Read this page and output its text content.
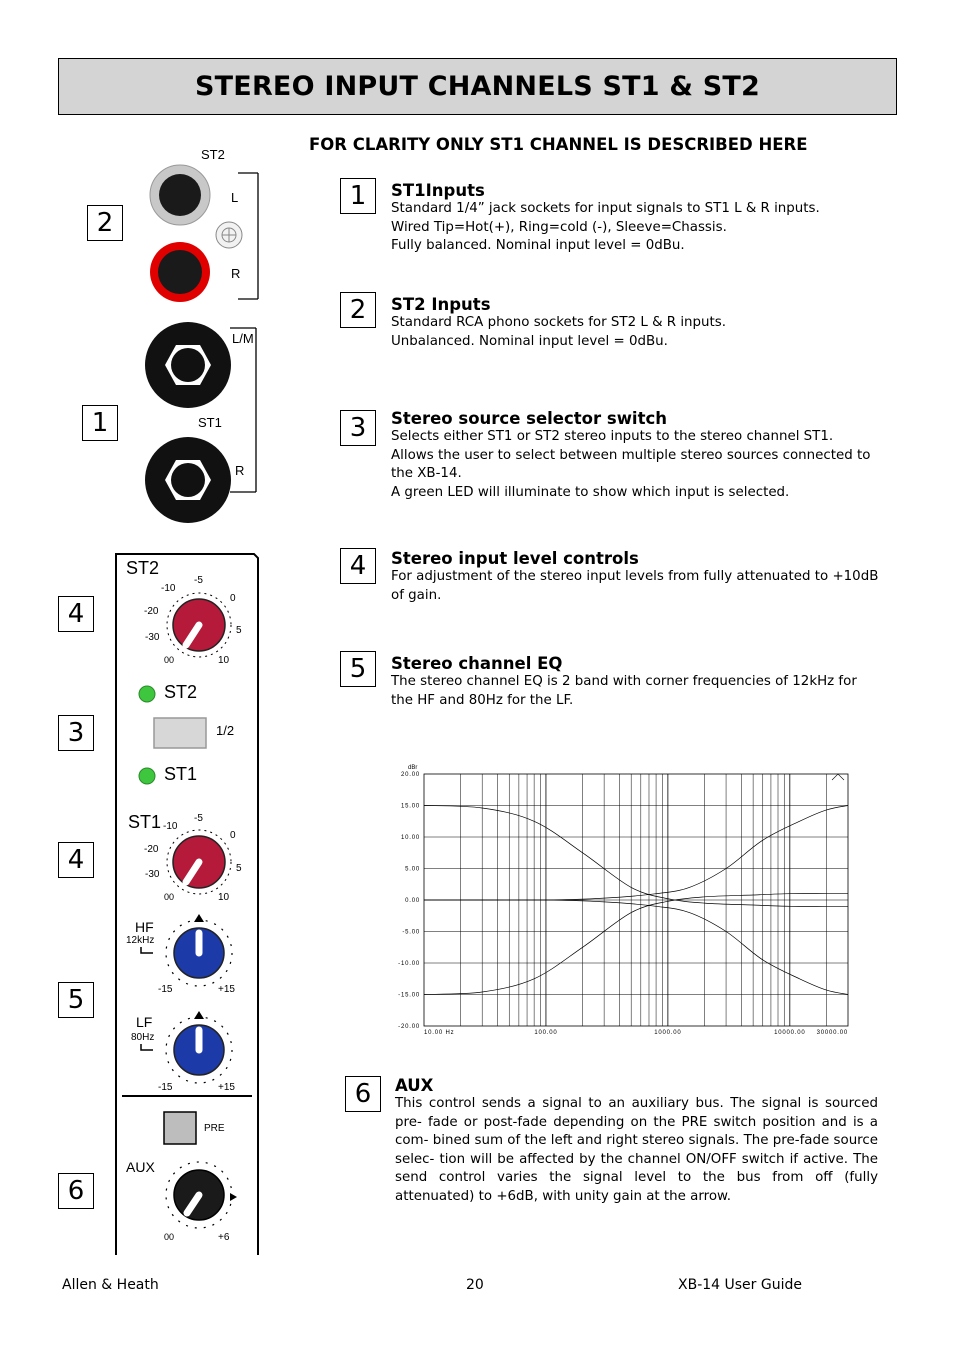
STEREO INPUT CHANNELS ST1 & ST2
FOR CLARITY ONLY ST1 CHANNEL IS DESCRIBED HERE
2
1
4
3
4
5
6
ST2
L
R
L/M
ST1
R
ST2
-10
-5
0
5
10
00
-20
-30
ST2
1/2
ST1
ST1 -10
-5
0
5
10
00
-20
-30
HF
12kHz
-15	+15
LF
80Hz
-15	+15
PRE
AUX
00	+6
1	ST1Inputs
Standard 1/4” jack sockets for input signals to ST1 L & R inputs.
Wired Tip=Hot(+), Ring=cold (-), Sleeve=Chassis.
Fully balanced. Nominal input level = 0dBu.
2	ST2 Inputs
Standard RCA phono sockets for ST2 L & R inputs.
Unbalanced. Nominal input level = 0dBu.
3	Stereo source selector switch
Selects either ST1 or ST2 stereo inputs to the stereo channel ST1.
Allows the user to select between multiple stereo sources connected to
the XB-14.
A green LED will illuminate to show which input is selected.
4	Stereo input level controls
For adjustment of the stereo input levels from fully attenuated to +10dB
of gain.
5	Stereo channel EQ
The stereo channel EQ is 2 band with corner frequencies of 12kHz for
the HF and 80Hz for the LF.
dBr
20.00
15.00
10.00
5.00
0.00
-5.00
-10.00
-15.00
-20.00
10.00 Hz	100.00	1000.00	10000.00 30000.00
6	AUX
This control sends a signal to an auxiliary bus. The signal is sourced pre- fade or post-fade depending on the PRE switch position and is a com- bined sum of the left and right stereo signals. The pre-fade source selec- tion will be affected by the channel ON/OFF switch if active. The send control varies the signal level to the bus from off (fully attenuated) to +6dB, with unity gain at the arrow.
Allen & Heath	20	XB-14 User Guide
